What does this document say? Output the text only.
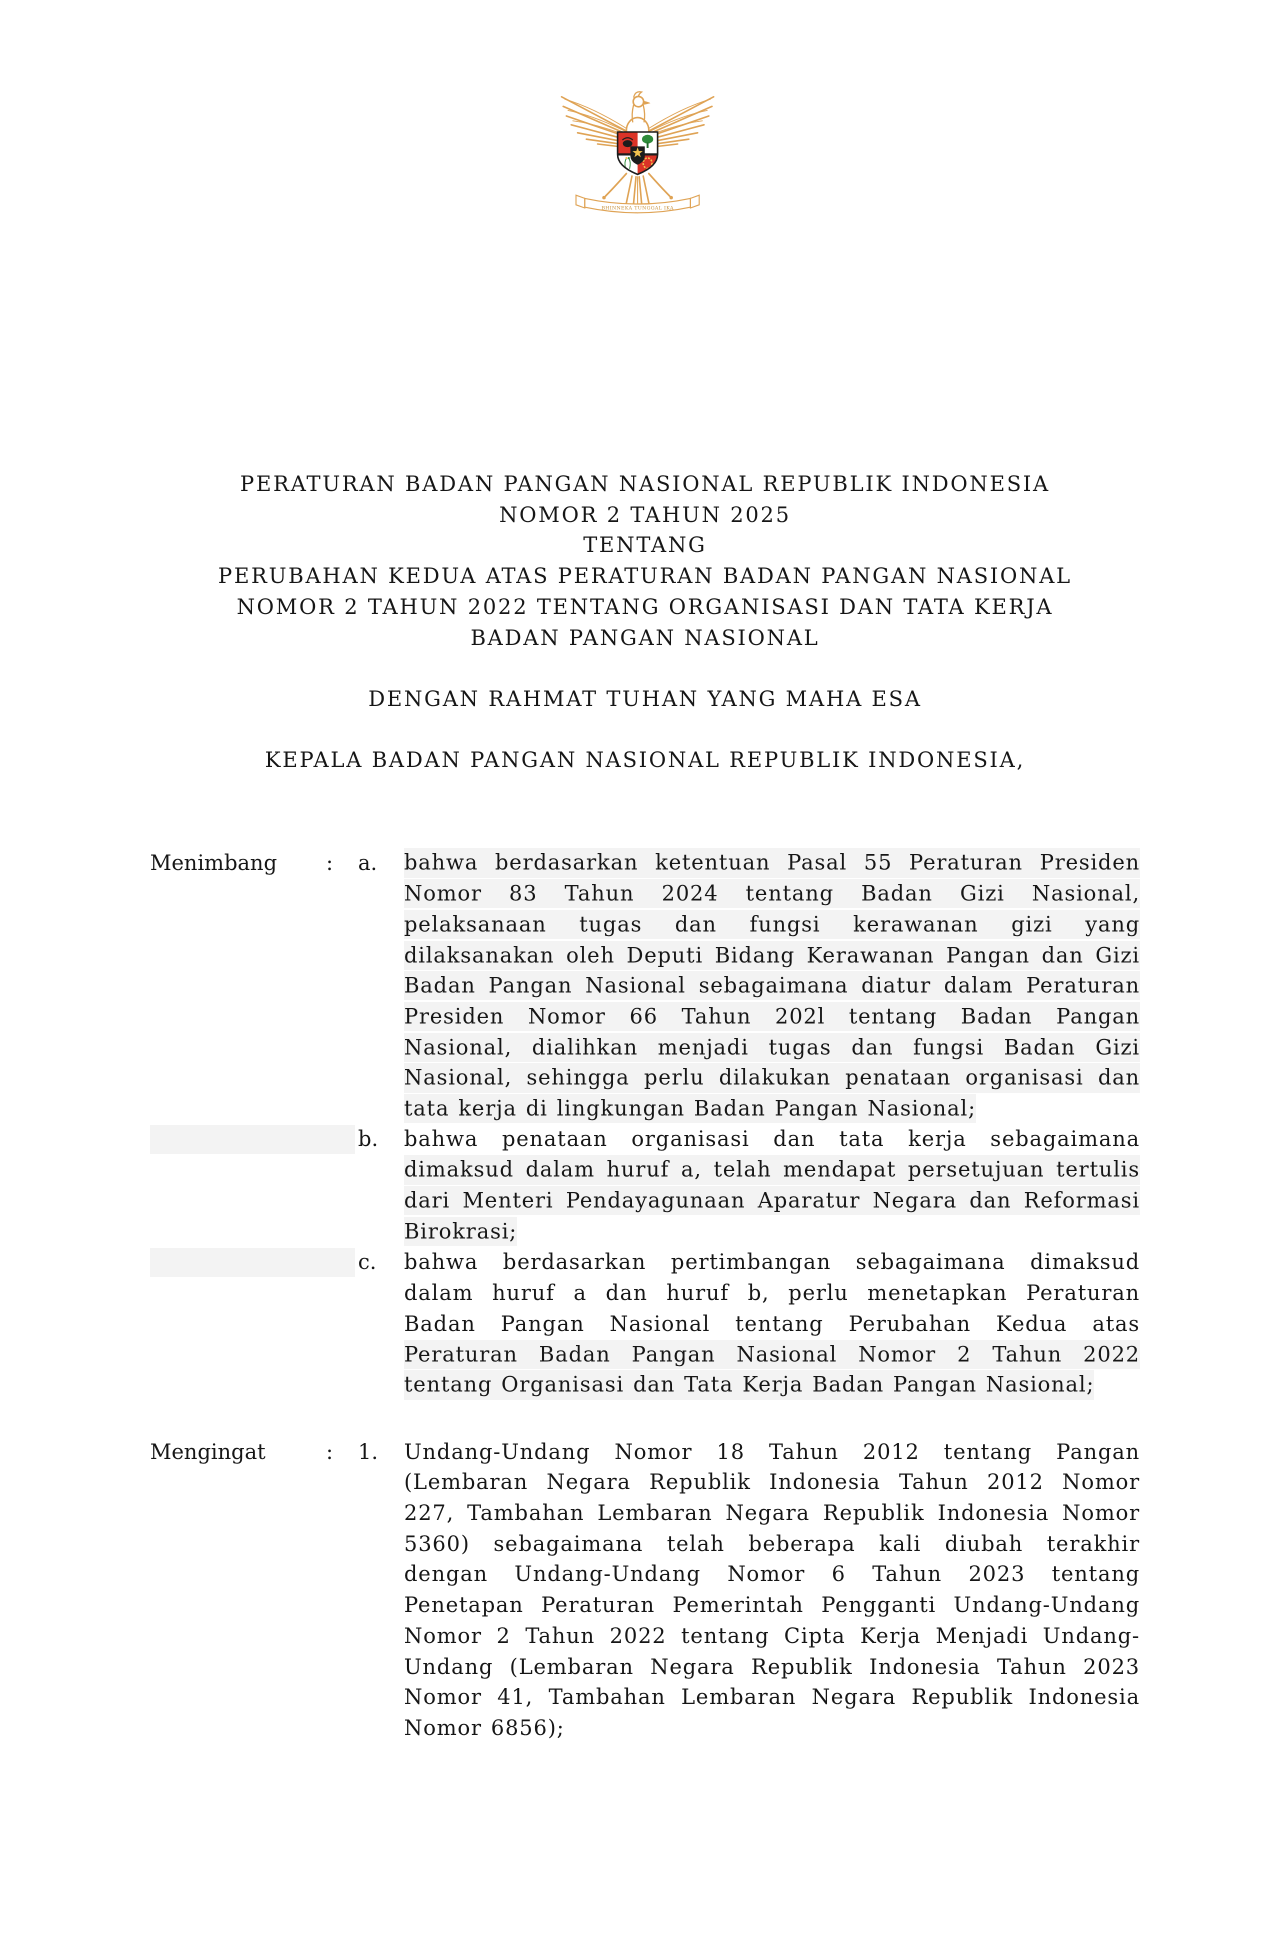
BHINNEKA TUNGGAL IKA
PERATURAN BADAN PANGAN NASIONAL REPUBLIK INDONESIA
NOMOR 2 TAHUN 2025
TENTANG
PERUBAHAN KEDUA ATAS PERATURAN BADAN PANGAN NASIONAL
NOMOR 2 TAHUN 2022 TENTANG ORGANISASI DAN TATA KERJA
BADAN PANGAN NASIONAL
DENGAN RAHMAT TUHAN YANG MAHA ESA
KEPALA BADAN PANGAN NASIONAL REPUBLIK INDONESIA,
Menimbang	:	a.	bahwa berdasarkan ketentuan Pasal 55 Peraturan Presiden Nomor 83 Tahun 2024 tentang Badan Gizi Nasional, pelaksanaan tugas dan fungsi kerawanan gizi yang dilaksanakan oleh Deputi Bidang Kerawanan Pangan dan Gizi Badan Pangan Nasional sebagaimana diatur dalam Peraturan Presiden Nomor 66 Tahun 202l tentang Badan Pangan Nasional, dialihkan menjadi tugas dan fungsi Badan Gizi Nasional, sehingga perlu dilakukan penataan organisasi dan tata kerja di lingkungan Badan Pangan Nasional;

b.	bahwa penataan organisasi dan tata kerja sebagaimana dimaksud dalam huruf a, telah mendapat persetujuan tertulis dari Menteri Pendayagunaan Aparatur Negara dan Reformasi Birokrasi;

c.	bahwa berdasarkan pertimbangan sebagaimana dimaksud dalam huruf a dan huruf b, perlu menetapkan Peraturan Badan Pangan Nasional tentang Perubahan Kedua atas Peraturan Badan Pangan Nasional Nomor 2 Tahun 2022 tentang Organisasi dan Tata Kerja Badan Pangan Nasional;

Mengingat	:	1.	Undang-Undang Nomor 18 Tahun 2012 tentang Pangan (Lembaran Negara Republik Indonesia Tahun 2012 Nomor 227, Tambahan Lembaran Negara Republik Indonesia Nomor 5360) sebagaimana telah beberapa kali diubah terakhir dengan Undang-Undang Nomor 6 Tahun 2023 tentang Penetapan Peraturan Pemerintah Pengganti Undang-Undang Nomor 2 Tahun 2022 tentang Cipta Kerja Menjadi Undang-Undang (Lembaran Negara Republik Indonesia Tahun 2023 Nomor 41, Tambahan Lembaran Negara Republik Indonesia Nomor 6856);
